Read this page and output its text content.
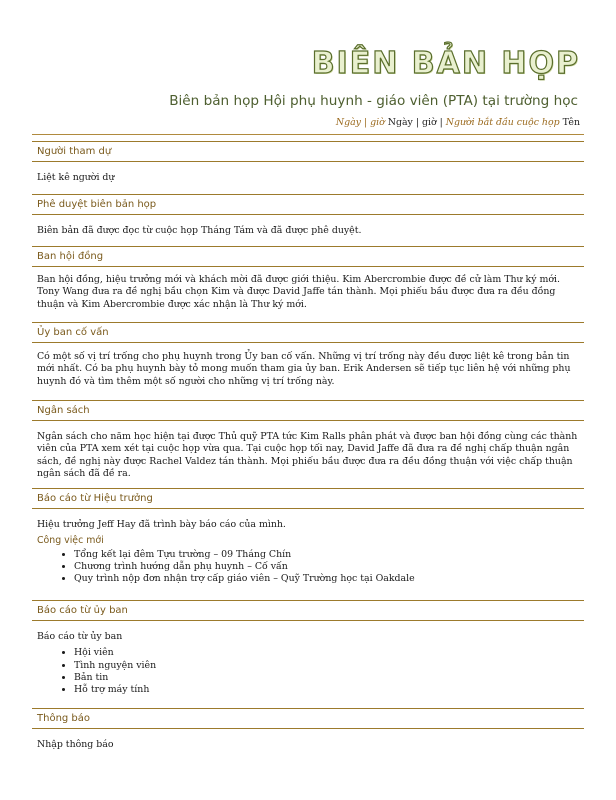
BIÊN BẢN HỌP
Biên bản họp Hội phụ huynh - giáo viên (PTA) tại trường học
Ngày | giờ Ngày | giờ | Người bắt đầu cuộc họp Tên
Người tham dự

Liệt kê người dự

Phê duyệt biên bản họp

Biên bản đã được đọc từ cuộc họp Tháng Tám và đã được phê duyệt.

Ban hội đồng

Ban hội đồng, hiệu trưởng mới và khách mời đã được giới thiệu. Kim Abercrombie được đề cử làm Thư ký mới. Tony Wang đưa ra đề nghị bầu chọn Kim và được David Jaffe tán thành. Mọi phiếu bầu được đưa ra đều đồng thuận và Kim Abercrombie được xác nhận là Thư ký mới.

Ủy ban cố vấn

Có một số vị trí trống cho phụ huynh trong Ủy ban cố vấn. Những vị trí trống này đều được liệt kê trong bản tin mới nhất. Có ba phụ huynh bày tỏ mong muốn tham gia ủy ban. Erik Andersen sẽ tiếp tục liên hệ với những phụ huynh đó và tìm thêm một số người cho những vị trí trống này.

Ngân sách

Ngân sách cho năm học hiện tại được Thủ quỹ PTA tức Kim Ralls phân phát và được ban hội đồng cùng các thành viên của PTA xem xét tại cuộc họp vừa qua. Tại cuộc họp tối nay, David Jaffe đã đưa ra đề nghị chấp thuận ngân sách, đề nghị này được Rachel Valdez tán thành. Mọi phiếu bầu được đưa ra đều đồng thuận với việc chấp thuận ngân sách đã đề ra.

Báo cáo từ Hiệu trưởng

Hiệu trưởng Jeff Hay đã trình bày báo cáo của mình.

Công việc mới
• Tổng kết lại đêm Tựu trường – 09 Tháng Chín
• Chương trình hướng dẫn phụ huynh – Cố vấn
• Quy trình nộp đơn nhận trợ cấp giáo viên – Quỹ Trường học tại Oakdale
Báo cáo từ ủy ban

Báo cáo từ ủy ban

• Hội viên
• Tình nguyện viên
• Bản tin
• Hỗ trợ máy tính
Thông báo

Nhập thông báo
